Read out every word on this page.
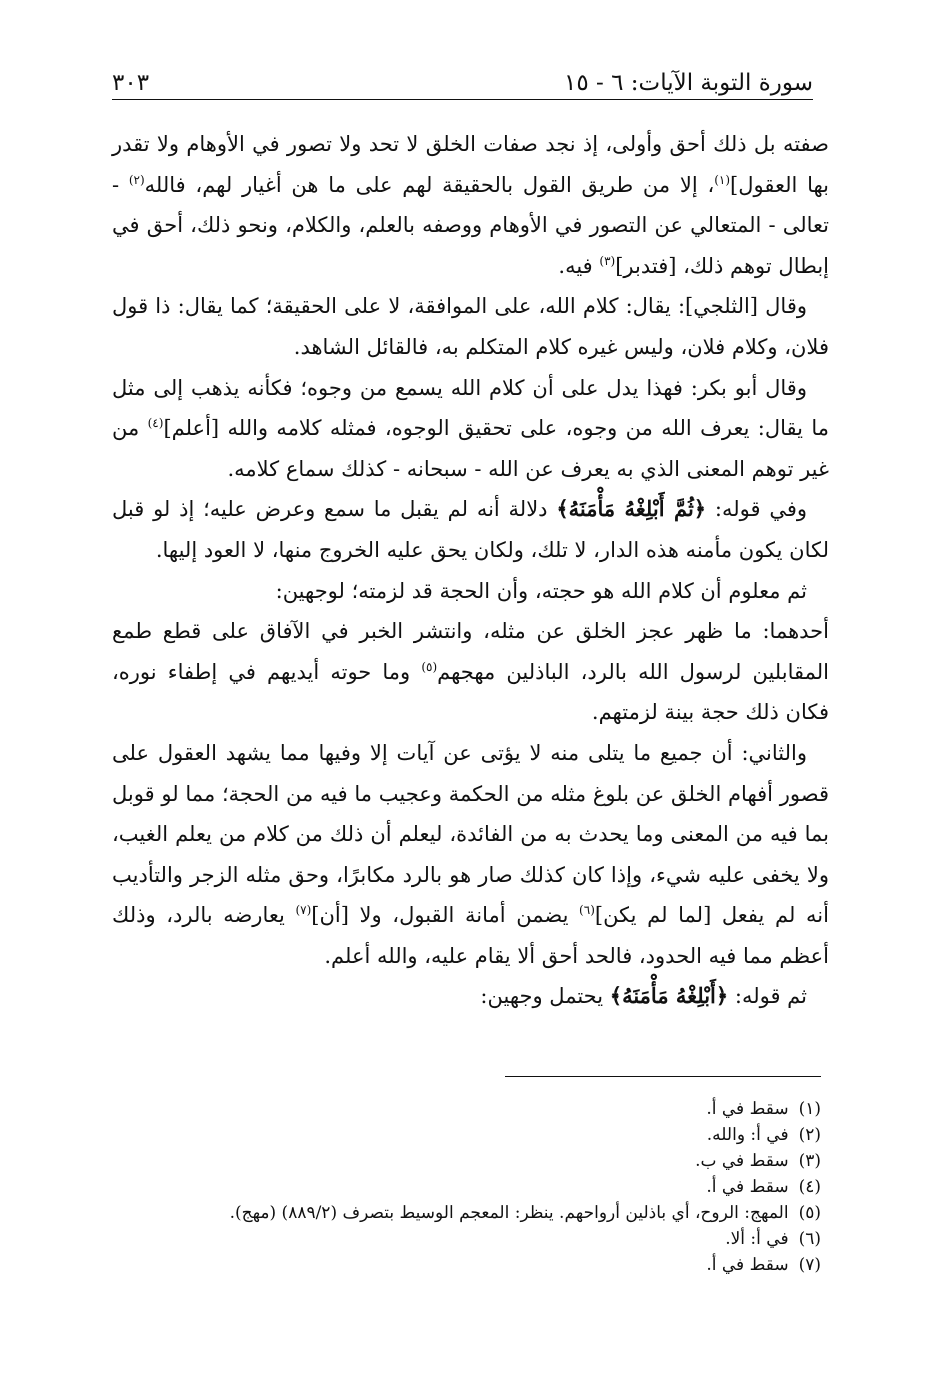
سورة التوبة الآيات: ٦ - ١٥
٣٠٣

صفته بل ذلك أحق وأولى، إذ نجد صفات الخلق لا تحد ولا تصور في الأوهام ولا تقدر بها العقول]$^{(١)}$، إلا من طريق القول بالحقيقة لهم على ما هن أغيار لهم، فالله$^{(٢)}$ - تعالى - المتعالي عن التصور في الأوهام ووصفه بالعلم، والكلام، ونحو ذلك، أحق في إبطال توهم ذلك، [فتدبر]$^{(٣)}$ فيه.

وقال [الثلجي]: يقال: كلام الله، على الموافقة، لا على الحقيقة؛ كما يقال: ذا قول فلان، وكلام فلان، وليس غيره كلام المتكلم به، فالقائل الشاهد.

وقال أبو بكر: فهذا يدل على أن كلام الله يسمع من وجوه؛ فكأنه يذهب إلى مثل ما يقال: يعرف الله من وجوه، على تحقيق الوجوه، فمثله كلامه والله [أعلم]$^{(٤)}$ من غير توهم المعنى الذي به يعرف عن الله - سبحانه - كذلك سماع كلامه.

وفي قوله: ﴿ثُمَّ أَبْلِغْهُ مَأْمَنَهُ﴾ دلالة أنه لم يقبل ما سمع وعرض عليه؛ إذ لو قبل لكان يكون مأمنه هذه الدار، لا تلك، ولكان يحق عليه الخروج منها، لا العود إليها.

ثم معلوم أن كلام الله هو حجته، وأن الحجة قد لزمته؛ لوجهين:

أحدهما: ما ظهر عجز الخلق عن مثله، وانتشر الخبر في الآفاق على قطع طمع المقابلين لرسول الله بالرد، الباذلين مهجهم$^{(٥)}$ وما حوته أيديهم في إطفاء نوره، فكان ذلك حجة بينة لزمتهم.

والثاني: أن جميع ما يتلى منه لا يؤتى عن آيات إلا وفيها مما يشهد العقول على قصور أفهام الخلق عن بلوغ مثله من الحكمة وعجيب ما فيه من الحجة؛ مما لو قوبل بما فيه من المعنى وما يحدث به من الفائدة، ليعلم أن ذلك من كلام من يعلم الغيب، ولا يخفى عليه شيء، وإذا كان كذلك صار هو بالرد مكابرًا، وحق مثله الزجر والتأديب أنه لم يفعل [لما لم يكن]$^{(٦)}$ يضمن أمانة القبول، ولا [أن]$^{(٧)}$ يعارضه بالرد، وذلك أعظم مما فيه الحدود، فالحد أحق ألا يقام عليه، والله أعلم.

ثم قوله: ﴿أَبْلِغْهُ مَأْمَنَهُ﴾ يحتمل وجهين:

(١)
سقط في أ.
(٢)
في أ: والله.
(٣)
سقط في ب.
(٤)
سقط في أ.
(٥)
المهج: الروح، أي باذلين أرواحهم. ينظر: المعجم الوسيط بتصرف (٨٨٩/٢) (مهج).
(٦)
في أ: ألا.
(٧)
سقط في أ.
